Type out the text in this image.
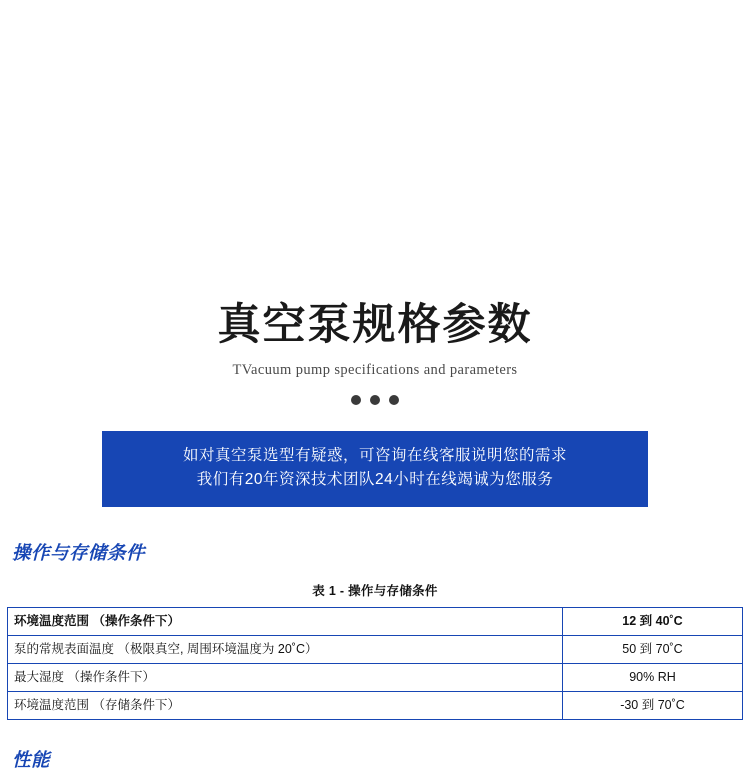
真空泵规格参数
TVacuum pump specifications and parameters
如对真空泵选型有疑惑，可咨询在线客服说明您的需求
我们有20年资深技术团队24小时在线竭诚为您服务
操作与存储条件
表 1 - 操作与存储条件
环境温度范围 （操作条件下）	12 到 40˚C
泵的常规表面温度 （极限真空, 周围环境温度为 20˚C）	50 到 70˚C
最大湿度 （操作条件下）	90% RH
环境温度范围 （存储条件下）	-30 到 70˚C
性能
